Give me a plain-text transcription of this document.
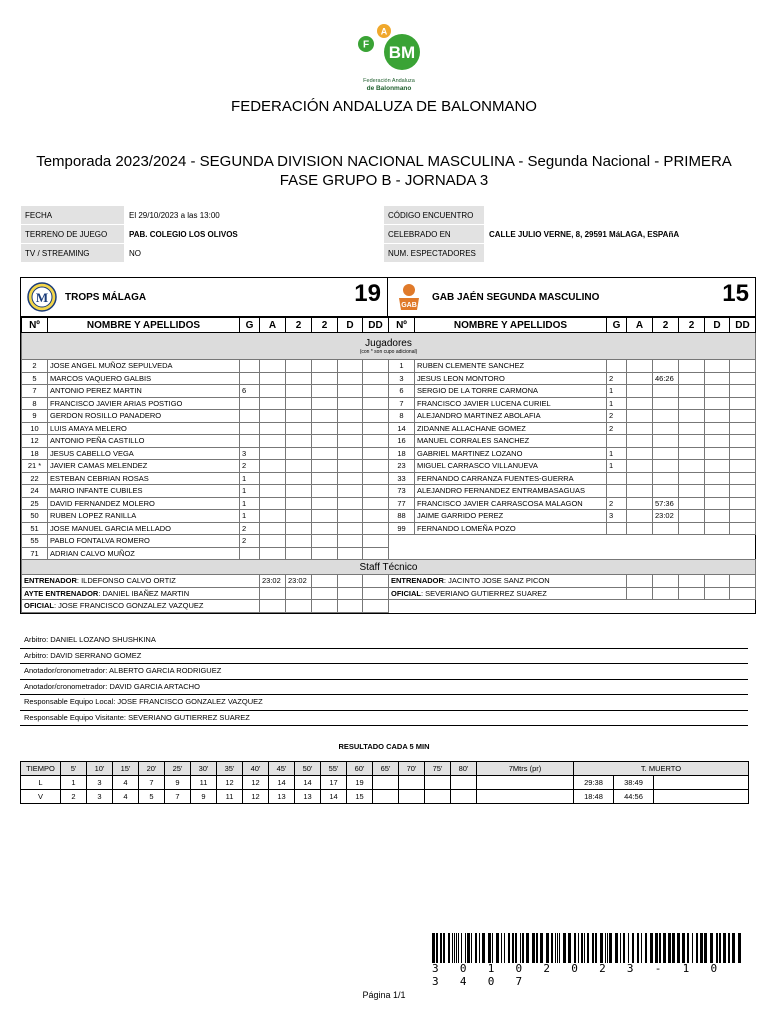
F
A
BM
Federación Andaluza
de Balonmano
FEDERACIÓN ANDALUZA DE BALONMANO
Temporada 2023/2024 - SEGUNDA DIVISION NACIONAL MASCULINA - Segunda Nacional - PRIMERA FASE GRUPO B - JORNADA 3
FECHA	El 29/10/2023 a las 13:00	CÓDIGO ENCUENTRO	
TERRENO DE JUEGO	PAB. COLEGIO LOS OLIVOS	CELEBRADO EN	CALLE JULIO VERNE, 8, 29591 MáLAGA, ESPAñA
TV / STREAMING	NO	NUM. ESPECTADORES	
M TROPS MÁLAGA	19	GAB
GAB JAÉN SEGUNDA MASCULINO	15
Nº	NOMBRE Y APELLIDOS	G	A	2	2	D	DD	Nº	NOMBRE Y APELLIDOS	G	A	2	2	D	DD
Jugadores
(con * son cupo adicional)															

2	JOSE ANGEL MUÑOZ SEPULVEDA							1	RUBEN CLEMENTE SANCHEZ						
5	MARCOS VAQUERO GALBIS							3	JESUS LEON MONTORO	2		46:26			
7	ANTONIO PEREZ MARTIN	6						6	SERGIO DE LA TORRE CARMONA	1					
8	FRANCISCO JAVIER ARIAS POSTIGO							7	FRANCISCO JAVIER LUCENA CURIEL	1					
9	GERDON ROSILLO PANADERO							8	ALEJANDRO MARTINEZ ABOLAFIA	2					
10	LUIS AMAYA MELERO							14	ZIDANNE ALLACHANE GOMEZ	2					
12	ANTONIO PEÑA CASTILLO							16	MANUEL CORRALES SANCHEZ						
18	JESUS CABELLO VEGA	3						18	GABRIEL MARTINEZ LOZANO	1					
21 *	JAVIER CAMAS MELENDEZ	2						23	MIGUEL CARRASCO VILLANUEVA	1					
22	ESTEBAN CEBRIAN ROSAS	1						33	FERNANDO CARRANZA FUENTES-GUERRA						
24	MARIO INFANTE CUBILES	1						73	ALEJANDRO FERNANDEZ ENTRAMBASAGUAS						
25	DAVID FERNANDEZ MOLERO	1						77	FRANCISCO JAVIER CARRASCOSA MALAGON	2		57:36			
50	RUBEN LOPEZ RANILLA	1						88	JAIME GARRIDO PEREZ	3		23:02			
51	JOSE MANUEL GARCIA MELLADO	2						99	FERNANDO LOMEÑA POZO						
55	PABLO FONTALVA ROMERO	2													
71	ADRIAN CALVO MUÑOZ														
Staff Técnico															
ENTRENADOR: ILDEFONSO CALVO ORTIZ			23:02	23:02				ENTRENADOR: JACINTO JOSE SANZ PICON							
AYTE ENTRENADOR: DANIEL IBAÑEZ MARTIN								OFICIAL: SEVERIANO GUTIERREZ SUAREZ							
OFICIAL: JOSE FRANCISCO GONZALEZ VAZQUEZ															
Arbitro: DANIEL LOZANO SHUSHKINA
Arbitro: DAVID SERRANO GOMEZ
Anotador/cronometrador: ALBERTO GARCIA RODRIGUEZ
Anotador/cronometrador: DAVID GARCIA ARTACHO
Responsable Equipo Local: JOSE FRANCISCO GONZALEZ VAZQUEZ
Responsable Equipo Visitante: SEVERIANO GUTIERREZ SUAREZ
RESULTADO CADA 5 MIN
TIEMPO	5'	10'	15'	20'	25'	30'	35'	40'	45'	50'	55'	60'	65'	70'	75'	80'	7Mtrs (pr)	T. MUERTO		
L	1	3	4	7	9	11	12	12	14	14	17	19						29:38	38:49	
V	2	3	4	5	7	9	11	12	13	13	14	15						18:48	44:56	
3 0 1 0 2 0 2 3 - 1 0 3 4 0 7
Página 1/1
